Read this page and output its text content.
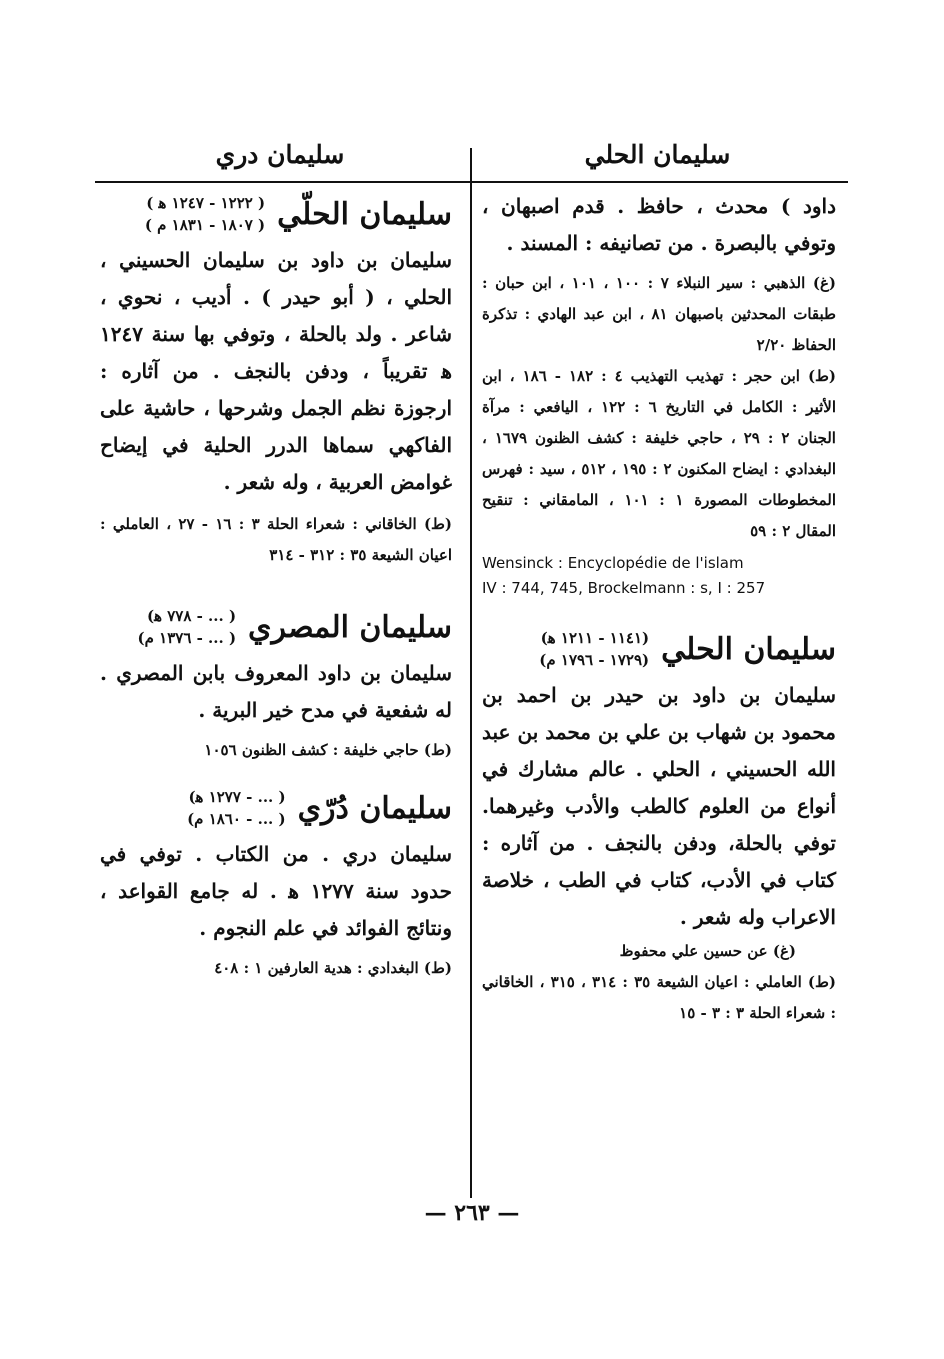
سليمان الحلي
سليمان دري

داود ) محدث ، حافظ . قدم اصبهان ، وتوفي بالبصرة . من تصانيفه : المسند .

(غ) الذهبي : سير النبلاء ٧ : ١٠٠ ، ١٠١ ، ابن حبان : طبقات المحدثين باصبهان ٨١ ، ابن عبد الهادي : تذكرة الحفاظ ٢/٢٠

(ط) ابن حجر : تهذيب التهذيب ٤ : ١٨٢ - ١٨٦ ، ابن الأثير : الكامل في التاريخ ٦ : ١٢٢ ، اليافعي : مرآة الجنان ٢ : ٢٩ ، حاجي خليفة : كشف الظنون ١٦٧٩ ، البغدادي : ايضاح المكنون ٢ : ١٩٥ ، ٥١٢ ، سيد : فهرس المخطوطات المصورة ١ : ١٠١ ، المامقاني : تنقيح المقال ٢ : ٥٩

Wensinck : Encyclopédie de l'islam

IV : 744, 745, Brockelmann : s, I : 257

سليمان الحلي
(١١٤١ - ١٢١١ ﻫ)
(١٧٢٩ - ١٧٩٦ م)

سليمان بن داود بن حيدر بن احمد بن محمود بن شهاب بن علي بن محمد بن عبد الله الحسيني ، الحلي . عالم مشارك في أنواع من العلوم كالطب والأدب وغيرهما. توفي بالحلة، ودفن بالنجف . من آثاره : كتاب في الأدب، كتاب في الطب ، خلاصة الاعراب وله شعر .

(غ) عن حسين علي محفوظ

(ط) العاملي : اعيان الشيعة ٣٥ : ٣١٤ ، ٣١٥ ، الخاقاني : شعراء الحلة ٣ : ٣ - ١٥

سليمان الحلّي
( ١٢٢٢ - ١٢٤٧ ﻫ )
( ١٨٠٧ - ١٨٣١ م )

سليمان بن داود بن سليمان الحسيني ، الحلي ، ( أبو حيدر ) . أديب ، نحوي ، شاعر . ولد بالحلة ، وتوفي بها سنة ١٢٤٧ ﻫ تقريباً ، ودفن بالنجف . من آثاره : ارجوزة نظم الجمل وشرحها ، حاشية على الفاكهي سماها الدرر الحلية في إيضاح غوامض العربية ، وله شعر .

(ط) الخاقاني : شعراء الحلة ٣ : ١٦ - ٢٧ ، العاملي : اعيان الشيعة ٣٥ : ٣١٢ - ٣١٤

سليمان المصري
( ... - ٧٧٨ ﻫ)
( ... - ١٣٧٦ م)

سليمان بن داود المعروف بابن المصري . له شفعية في مدح خير البرية .

(ط) حاجي خليفة : كشف الظنون ١٠٥٦

سليمان دُرّي
( ... - ١٢٧٧ ﻫ)
( ... - ١٨٦٠ م)

سليمان دري . من الكتاب . توفي في حدود سنة ١٢٧٧ ﻫ . له جامع القواعد ، ونتائج الفوائد في علم النجوم .

(ط) البغدادي : هدية العارفين ١ : ٤٠٨

— ٢٦٣ —
